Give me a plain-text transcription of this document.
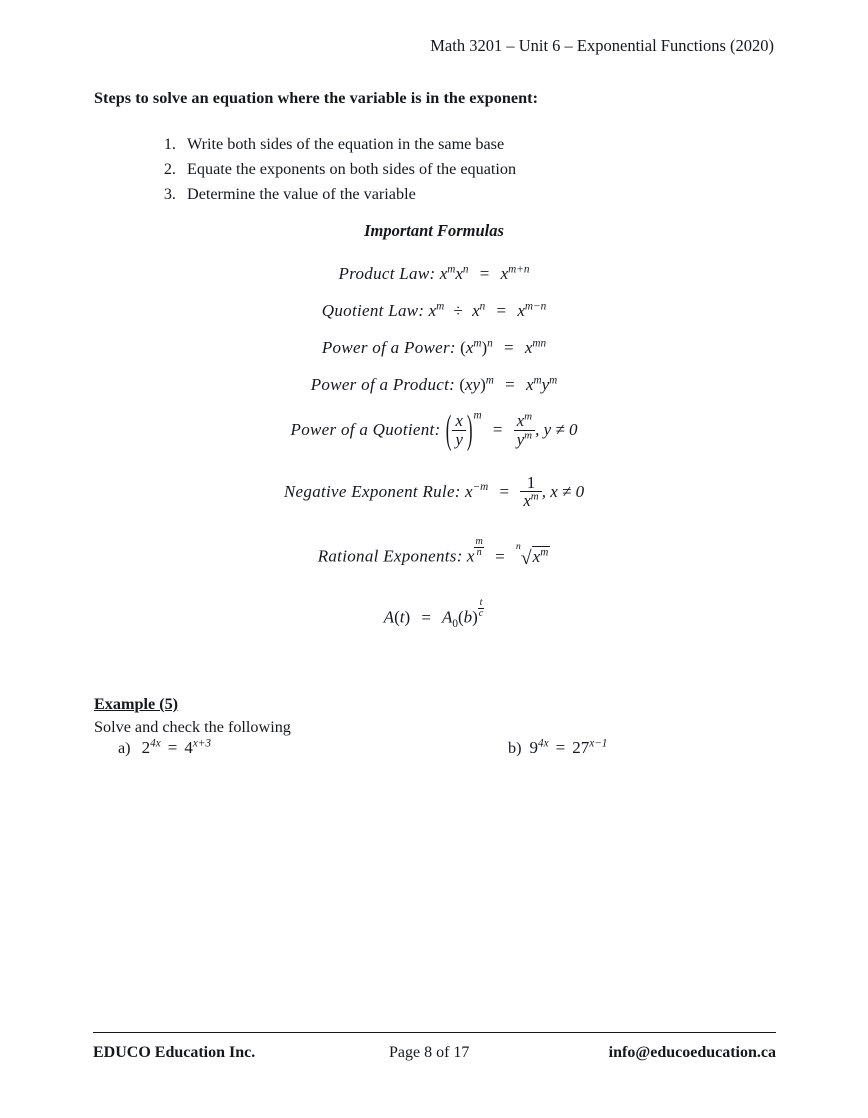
Math 3201 – Unit 6 – Exponential Functions (2020)
Steps to solve an equation where the variable is in the exponent:
1. Write both sides of the equation in the same base
2. Equate the exponents on both sides of the equation
3. Determine the value of the variable
Important Formulas
Product Law: $x^mx^n = x^{m+n}$
Quotient Law: $x^m \div x^n = x^{m-n}$
Power of a Power: $(x^m)^n = x^{mn}$
Power of a Product: $(xy)^m = x^my^m$
Power of a Quotient: ( $\frac{x}{y} )^m = \frac{x^m}{y^m}$ , y ≠ 0
Negative Exponent Rule: $x^{-m} = \frac{1}{x^m}$ , x ≠ 0
Rational Exponents: x $\frac{m}{n} = n$
$√x^m$
$A(t) = A_0(b) \frac{t}{c}$
Example (5)
Solve and check the following
a) $2^{4x} = 4^{x+3}$	b) $9^{4x} = 27^{x-1}$
EDUCO Education Inc.	Page 8 of 17	info@educoeducation.ca
